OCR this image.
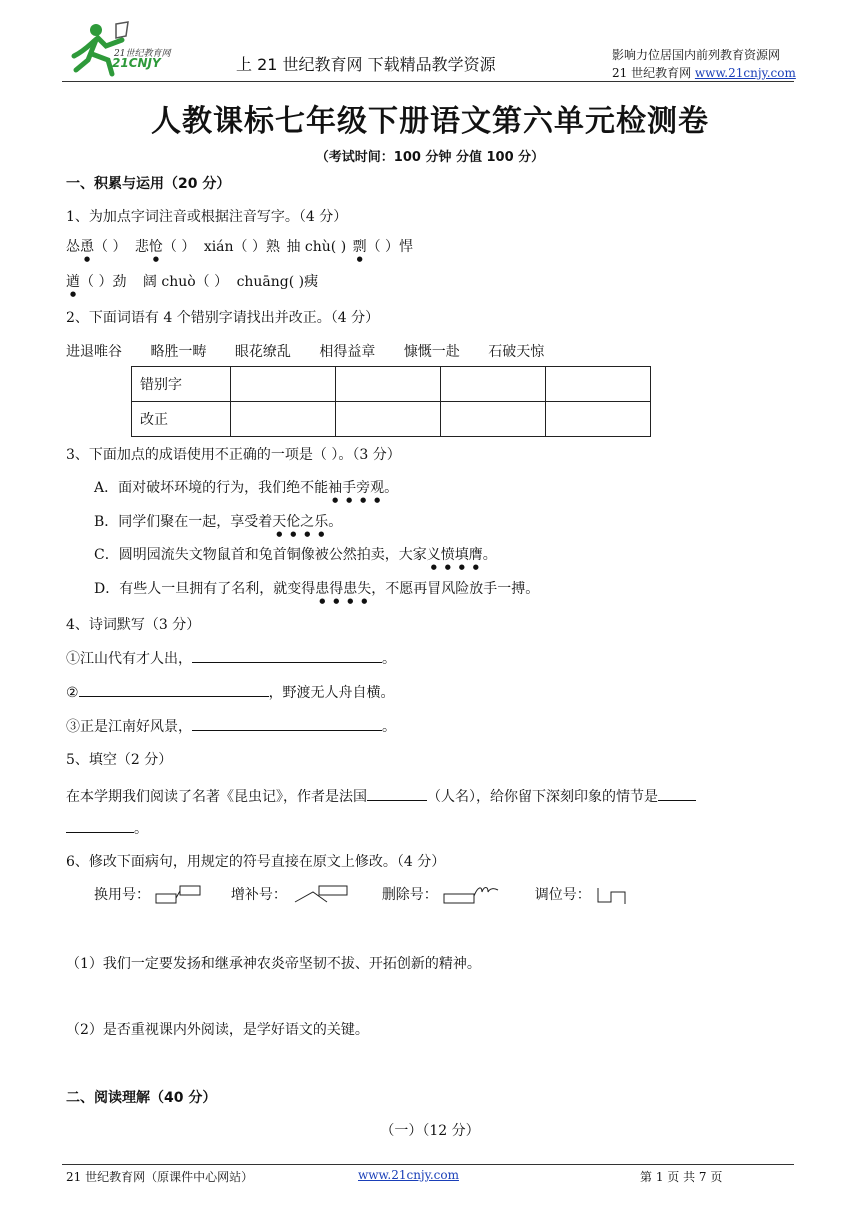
21世纪教育网
21CNJY	上 21 世纪教育网 下载精品教学资源	影响力位居国内前列教育资源网
21 世纪教育网 www.21cnjy.com
人教课标七年级下册语文第六单元检测卷
（考试时间：100 分钟 分值 100 分）
一、积累与运用（20 分）
1、为加点字词注音或根据注音写字。（4 分）
怂恿（ ） 悲怆（ ） xián（ ）熟 抽 chù( ) 剽（ ）悍
遒（ ）劲 阔 chuò（ ） chuāng( )痍
2、下面词语有 4 个错别字请找出并改正。（4 分）
进退唯谷 略胜一畴 眼花缭乱 相得益章 慷慨一赴 石破天惊
错别字				
改正				
3、下面加点的成语使用不正确的一项是（ ）。（3 分）
A．面对破坏环境的行为，我们绝不能袖手旁观。
B．同学们聚在一起，享受着天伦之乐。
C．圆明园流失文物鼠首和兔首铜像被公然拍卖，大家义愤填膺。
D．有些人一旦拥有了名利，就变得患得患失，不愿再冒风险放手一搏。
4、诗词默写（3 分）
①江山代有才人出，	。
②	，野渡无人舟自横。
③正是江南好风景，	。
5、填空（2 分）
在本学期我们阅读了名著《昆虫记》，作者是法国	（人名），给你留下深刻印象的情节是
。
6、修改下面病句，用规定的符号直接在原文上修改。（4 分）
换用号：	增补号：	删除号：	调位号：
（1）我们一定要发扬和继承神农炎帝坚韧不拔、开拓创新的精神。
（2）是否重视课内外阅读，是学好语文的关键。
二、阅读理解（40 分）
（一）（12 分）
21 世纪教育网（原课件中心网站）	www.21cnjy.com	第 1 页 共 7 页
